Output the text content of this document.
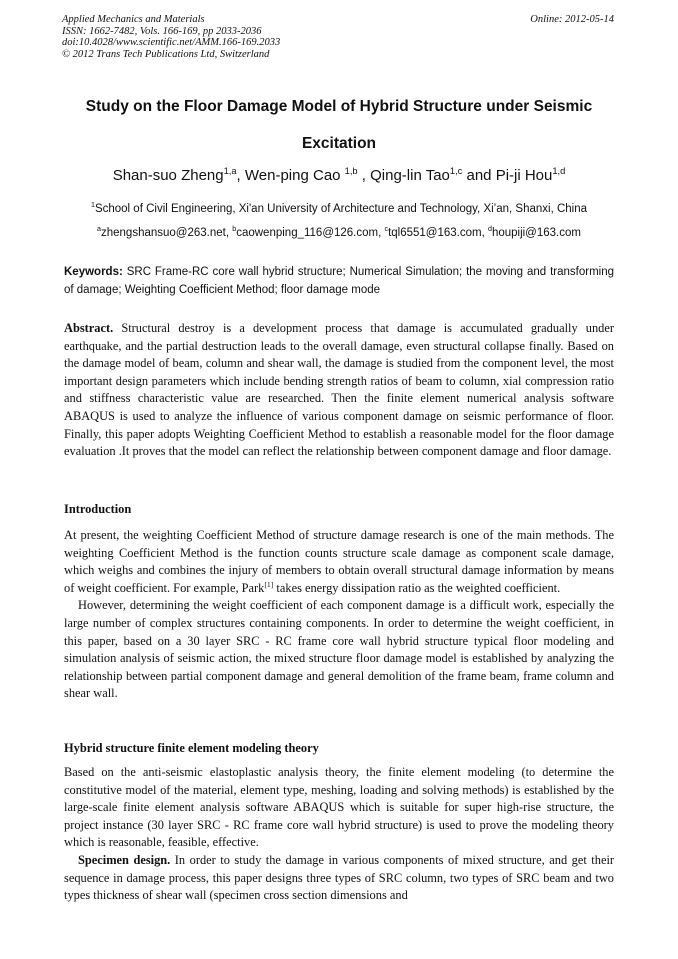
Applied Mechanics and Materials
ISSN: 1662-7482, Vols. 166-169, pp 2033-2036
doi:10.4028/www.scientific.net/AMM.166-169.2033
© 2012 Trans Tech Publications Ltd, Switzerland
Online: 2012-05-14
Study on the Floor Damage Model of Hybrid Structure under Seismic
Excitation
Shan-suo Zheng$^{1,a}$, Wen-ping Cao $^{1,b}$ , Qing-lin Tao$^{1,c}$ and Pi-ji Hou$^{1,d}$
$^1$School of Civil Engineering, Xi'an University of Architecture and Technology, Xi’an, Shanxi, China
$^a$zhengshansuo@263.net, $^b$caowenping_116@126.com, $^c$tql6551@163.com, $^d$houpiji@163.com
Keywords: SRC Frame-RC core wall hybrid structure; Numerical Simulation; the moving and transforming of damage; Weighting Coefficient Method; floor damage mode

Abstract. Structural destroy is a development process that damage is accumulated gradually under earthquake, and the partial destruction leads to the overall damage, even structural collapse finally. Based on the damage model of beam, column and shear wall, the damage is studied from the component level, the most important design parameters which include bending strength ratios of beam to column, xial compression ratio and stiffness characteristic value are researched. Then the finite element numerical analysis software ABAQUS is used to analyze the influence of various component damage on seismic performance of floor. Finally, this paper adopts Weighting Coefficient Method to establish a reasonable model for the floor damage evaluation .It proves that the model can reflect the relationship between component damage and floor damage.

Introduction

At present, the weighting Coefficient Method of structure damage research is one of the main methods. The weighting Coefficient Method is the function counts structure scale damage as component scale damage, which weighs and combines the injury of members to obtain overall structural damage information by means of weight coefficient. For example, Park[1] takes energy dissipation ratio as the weighted coefficient.

However, determining the weight coefficient of each component damage is a difficult work, especially the large number of complex structures containing components. In order to determine the weight coefficient, in this paper, based on a 30 layer SRC - RC frame core wall hybrid structure typical floor modeling and simulation analysis of seismic action, the mixed structure floor damage model is established by analyzing the relationship between partial component damage and general demolition of the frame beam, frame column and shear wall.

Hybrid structure finite element modeling theory

Based on the anti-seismic elastoplastic analysis theory, the finite element modeling (to determine the constitutive model of the material, element type, meshing, loading and solving methods) is established by the large-scale finite element analysis software ABAQUS which is suitable for super high-rise structure, the project instance (30 layer SRC - RC frame core wall hybrid structure) is used to prove the modeling theory which is reasonable, feasible, effective.

Specimen design. In order to study the damage in various components of mixed structure, and get their sequence in damage process, this paper designs three types of SRC column, two types of SRC beam and two types thickness of shear wall (specimen cross section dimensions and
